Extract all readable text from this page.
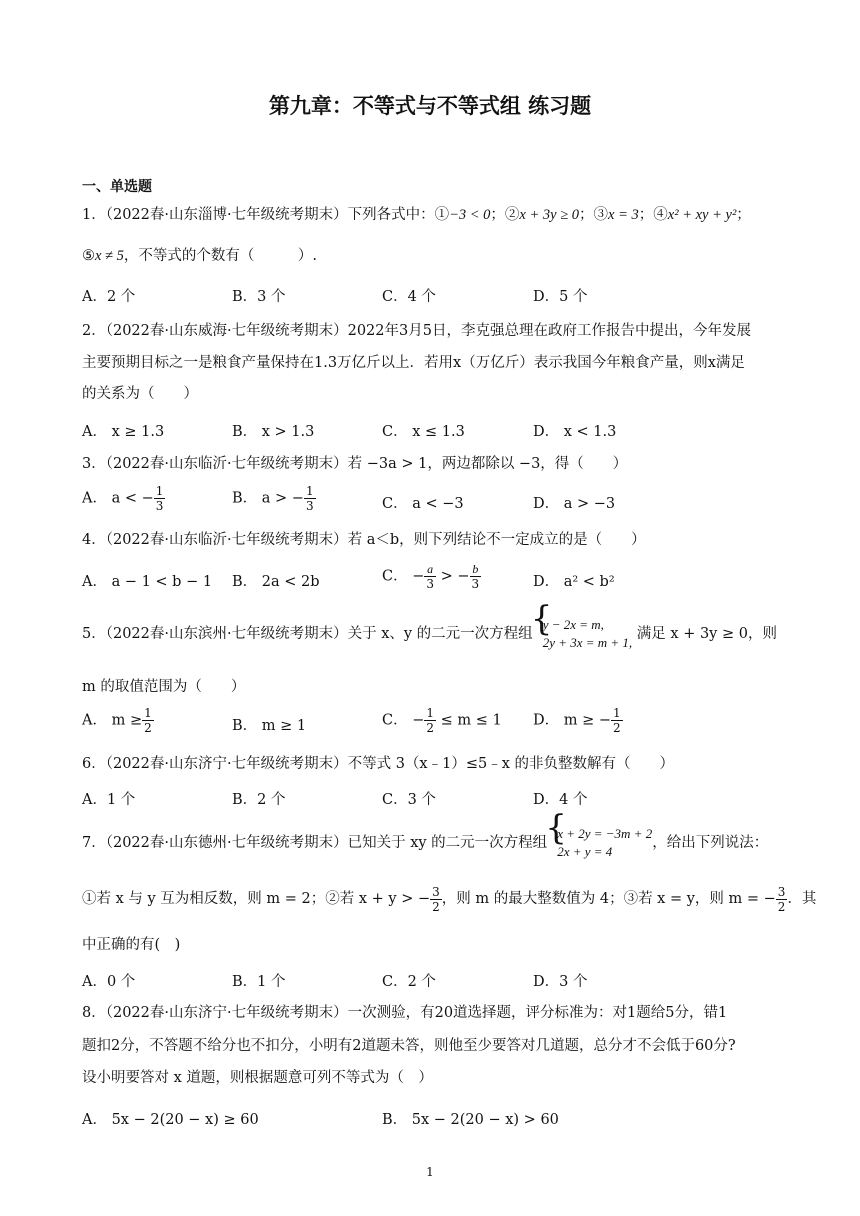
第九章：不等式与不等式组 练习题
一、单选题
1．（2022春·山东淄博·七年级统考期末）下列各式中：①−3 < 0；②x + 3y ≥ 0；③x = 3；④x² + xy + y²；
⑤x ≠ 5，不等式的个数有（　　　）.
A．2 个	B．3 个	C．4 个	D．5 个
2．（2022春·山东威海·七年级统考期末）2022年3月5日，李克强总理在政府工作报告中提出，今年发展
主要预期目标之一是粮食产量保持在1.3万亿斤以上．若用x（万亿斤）表示我国今年粮食产量，则x满足
的关系为（　　）
A． x ≥ 1.3	B． x > 1.3	C． x ≤ 1.3	D． x < 1.3
3．（2022春·山东临沂·七年级统考期末）若 −3a > 1，两边都除以 −3，得（　　）
A． a < − $\frac{1}{3}$	B． a > − $\frac{1}{3}$	C． a < −3	D． a > −3
4．（2022春·山东临沂·七年级统考期末）若 a＜b，则下列结论不一定成立的是（　　）
A． a − 1 < b − 1 B． 2a < 2b	C． − $\frac{a}{3}$ > − $\frac{b}{3}$	D． a² < b²
5．（2022春·山东滨州·七年级统考期末）关于 x、y 的二元一次方程组
{ y − 2x = m,
2y + 3x = m + 1,
满足 x + 3y ≥ 0，则
m 的取值范围为（　　）
A． $m \ge \frac{1}{2}$	B． m ≥ 1	C． − $\frac{1}{2} \le m \le 1$ D． m ≥ − $\frac{1}{2}$
6．（2022春·山东济宁·七年级统考期末）不等式 3（x﹣1）≤5﹣x 的非负整数解有（　　）
A．1 个	B．2 个	C．3 个	D．4 个
7．（2022春·山东德州·七年级统考期末）已知关于 xy 的二元一次方程组
{ x + 2y = −3m + 2
2x + y = 4
，给出下列说法：
①若 x 与 y 互为相反数，则 m = 2；②若 x + y > − $\frac{3}{2}$ ，则 m 的最大整数值为 4；③若 x = y，则 m = − $\frac{3}{2}$ ．其
中正确的有(　)
A．0 个	B．1 个	C．2 个	D．3 个
8．（2022春·山东济宁·七年级统考期末）一次测验，有20道选择题，评分标准为：对1题给5分，错1
题扣2分，不答题不给分也不扣分，小明有2道题未答，则他至少要答对几道题，总分才不会低于60分?
设小明要答对 x 道题，则根据题意可列不等式为（　）
A． 5x − 2(20 − x) ≥ 60	B． 5x − 2(20 − x) > 60
1
